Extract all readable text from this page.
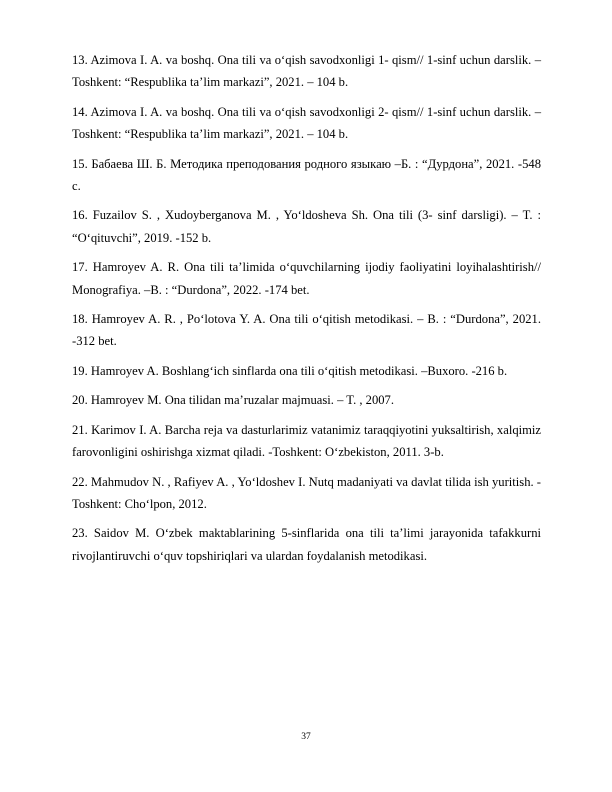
13. Azimova I. A. va boshq. Ona tili va o‘qish savodxonligi 1- qism// 1-sinf uchun darslik. – Toshkent: “Respublika ta’lim markazi”, 2021. – 104 b.
14. Azimova I. A. va boshq. Ona tili va o‘qish savodxonligi 2- qism// 1-sinf uchun darslik. – Toshkent: “Respublika ta’lim markazi”, 2021. – 104 b.
15. Бабаева Ш. Б. Методика преподования родного языкаю –Б. : “Дурдона”, 2021. -548 с.
16. Fuzailov S. , Xudoyberganova M. , Yo‘ldosheva Sh. Ona tili (3- sinf darsligi). – T. : “O‘qituvchi”, 2019. -152 b.
17. Hamroyev A. R. Ona tili ta’limida o‘quvchilarning ijodiy faoliyatini loyihalashtirish// Monografiya. –B. : “Durdona”, 2022. -174 bet.
18. Hamroyev A. R. , Po‘lotova Y. A. Ona tili o‘qitish metodikasi. – B. : “Durdona”, 2021. -312 bet.
19. Hamroyev A. Boshlang‘ich sinflarda ona tili o‘qitish metodikasi. –Buxoro. -216 b.
20. Hamroyev M. Ona tilidan ma’ruzalar majmuasi. – T. , 2007.
21. Karimov I. A. Barcha reja va dasturlarimiz vatanimiz taraqqiyotini yuksaltirish, xalqimiz farovonligini oshirishga xizmat qiladi. -Toshkent: O‘zbekiston, 2011. 3-b.
22. Mahmudov N. , Rafiyev A. , Yo‘ldoshev I. Nutq madaniyati va davlat tilida ish yuritish. -Toshkent: Cho‘lpon, 2012.
23. Saidov M. O‘zbek maktablarining 5-sinflarida ona tili ta’limi jarayonida tafakkurni rivojlantiruvchi o‘quv topshiriqlari va ulardan foydalanish metodikasi.
37
